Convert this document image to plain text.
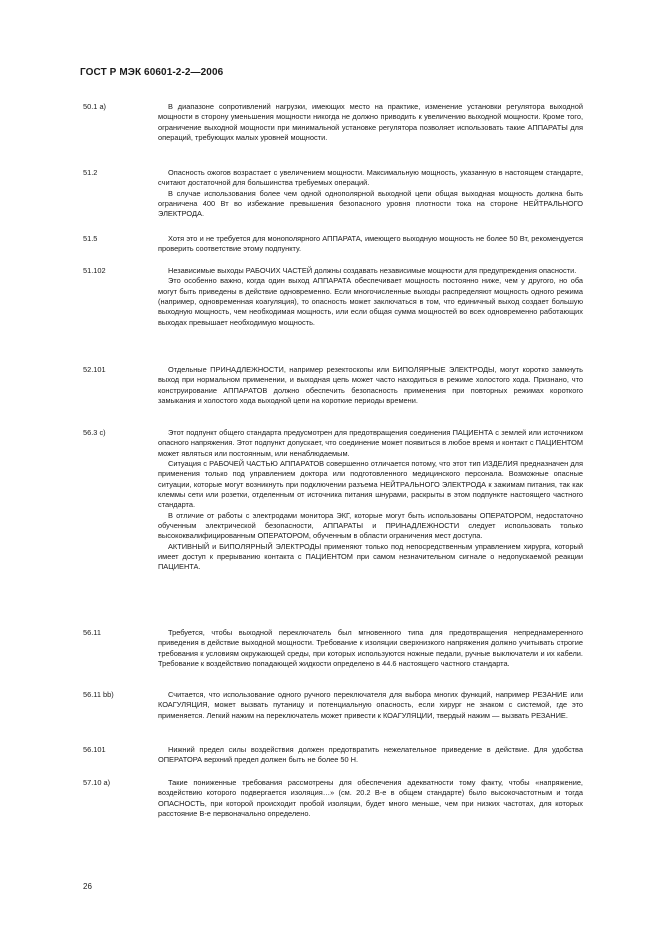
ГОСТ Р МЭК 60601-2-2—2006
50.1 a)	В диапазоне сопротивлений нагрузки, имеющих место на практике, изменение установки регулятора выходной мощности в сторону уменьшения мощности никогда не должно приводить к увеличению выходной мощности. Кроме того, ограничение выходной мощности при минимальной установке регулятора позволяет использовать такие АППАРАТЫ для операций, требующих малых уровней мощности.

51.2	Опасность ожогов возрастает с увеличением мощности. Максимальную мощность, указанную в настоящем стандарте, считают достаточной для большинства требуемых операций.

В случае использования более чем одной однополярной выходной цепи общая выходная мощность должна быть ограничена 400 Вт во избежание превышения безопасного уровня плотности тока на стороне НЕЙТРАЛЬНОГО ЭЛЕКТРОДА.

51.5	Хотя это и не требуется для монополярного АППАРАТА, имеющего выходную мощность не более 50 Вт, рекомендуется проверить соответствие этому подпункту.

51.102	Независимые выходы РАБОЧИХ ЧАСТЕЙ должны создавать независимые мощности для предупреждения опасности.

Это особенно важно, когда один выход АППАРАТА обеспечивает мощность постоянно ниже, чем у другого, но оба могут быть приведены в действие одновременно. Если многочисленные выходы распределяют мощность одного режима (например, одновременная коагуляция), то опасность может заключаться в том, что единичный выход создает большую выходную мощность, чем необходимая мощность, или если общая сумма мощностей во всех одновременно работающих выходах превышает необходимую мощность.

52.101	Отдельные ПРИНАДЛЕЖНОСТИ, например резектоскопы или БИПОЛЯРНЫЕ ЭЛЕКТРОДЫ, могут коротко замкнуть выход при нормальном применении, и выходная цепь может часто находиться в режиме холостого хода. Признано, что конструирование АППАРАТОВ должно обеспечить безопасность применения при повторных режимах короткого замыкания и холостого хода выходной цепи на короткие периоды времени.

56.3 c)	Этот подпункт общего стандарта предусмотрен для предотвращения соединения ПАЦИЕНТА с землей или источником опасного напряжения. Этот подпункт допускает, что соединение может появиться в любое время и контакт с ПАЦИЕНТОМ может являться или постоянным, или ненаблюдаемым.

Ситуация с РАБОЧЕЙ ЧАСТЬЮ АППАРАТОВ совершенно отличается потому, что этот тип ИЗДЕЛИЯ предназначен для применения только под управлением доктора или подготовленного медицинского персонала. Возможные опасные ситуации, которые могут возникнуть при подключении разъема НЕЙТРАЛЬНОГО ЭЛЕКТРОДА к зажимам питания, так как клеммы сети или розетки, отделенным от источника питания шнурами, раскрыты в этом подпункте настоящего частного стандарта.

В отличие от работы с электродами монитора ЭКГ, которые могут быть использованы ОПЕРАТОРОМ, недостаточно обученным электрической безопасности, АППАРАТЫ и ПРИНАДЛЕЖНОСТИ следует использовать только высококвалифицированным ОПЕРАТОРОМ, обученным в области ограничения мест доступа.

АКТИВНЫЙ и БИПОЛЯРНЫЙ ЭЛЕКТРОДЫ применяют только под непосредственным управлением хирурга, который имеет доступ к прерыванию контакта с ПАЦИЕНТОМ при самом незначительном сигнале о недопускаемой реакции ПАЦИЕНТА.

56.11	Требуется, чтобы выходной переключатель был мгновенного типа для предотвращения непреднамеренного приведения в действие выходной мощности. Требование к изоляции сверхнизкого напряжения должно учитывать строгие требования к условиям окружающей среды, при которых используются ножные педали, ручные выключатели и их кабели. Требование к воздействию попадающей жидкости определено в 44.6 настоящего частного стандарта.

56.11 bb)	Считается, что использование одного ручного переключателя для выбора многих функций, например РЕЗАНИЕ или КОАГУЛЯЦИЯ, может вызвать путаницу и потенциальную опасность, если хирург не знаком с системой, где это применяется. Легкий нажим на переключатель может привести к КОАГУЛЯЦИИ, твердый нажим — вызвать РЕЗАНИЕ.

56.101	Нижний предел силы воздействия должен предотвратить нежелательное приведение в действие. Для удобства ОПЕРАТОРА верхний предел должен быть не более 50 Н.

57.10 a)	Такие пониженные требования рассмотрены для обеспечения адекватности тому факту, чтобы «напряжение, воздействию которого подвергается изоляция…» (см. 20.2 В-е в общем стандарте) было высокочастотным и тогда ОПАСНОСТЬ, при которой происходит пробой изоляции, будет много меньше, чем при низких частотах, для которых расстояние В-е первоначально определено.

26
